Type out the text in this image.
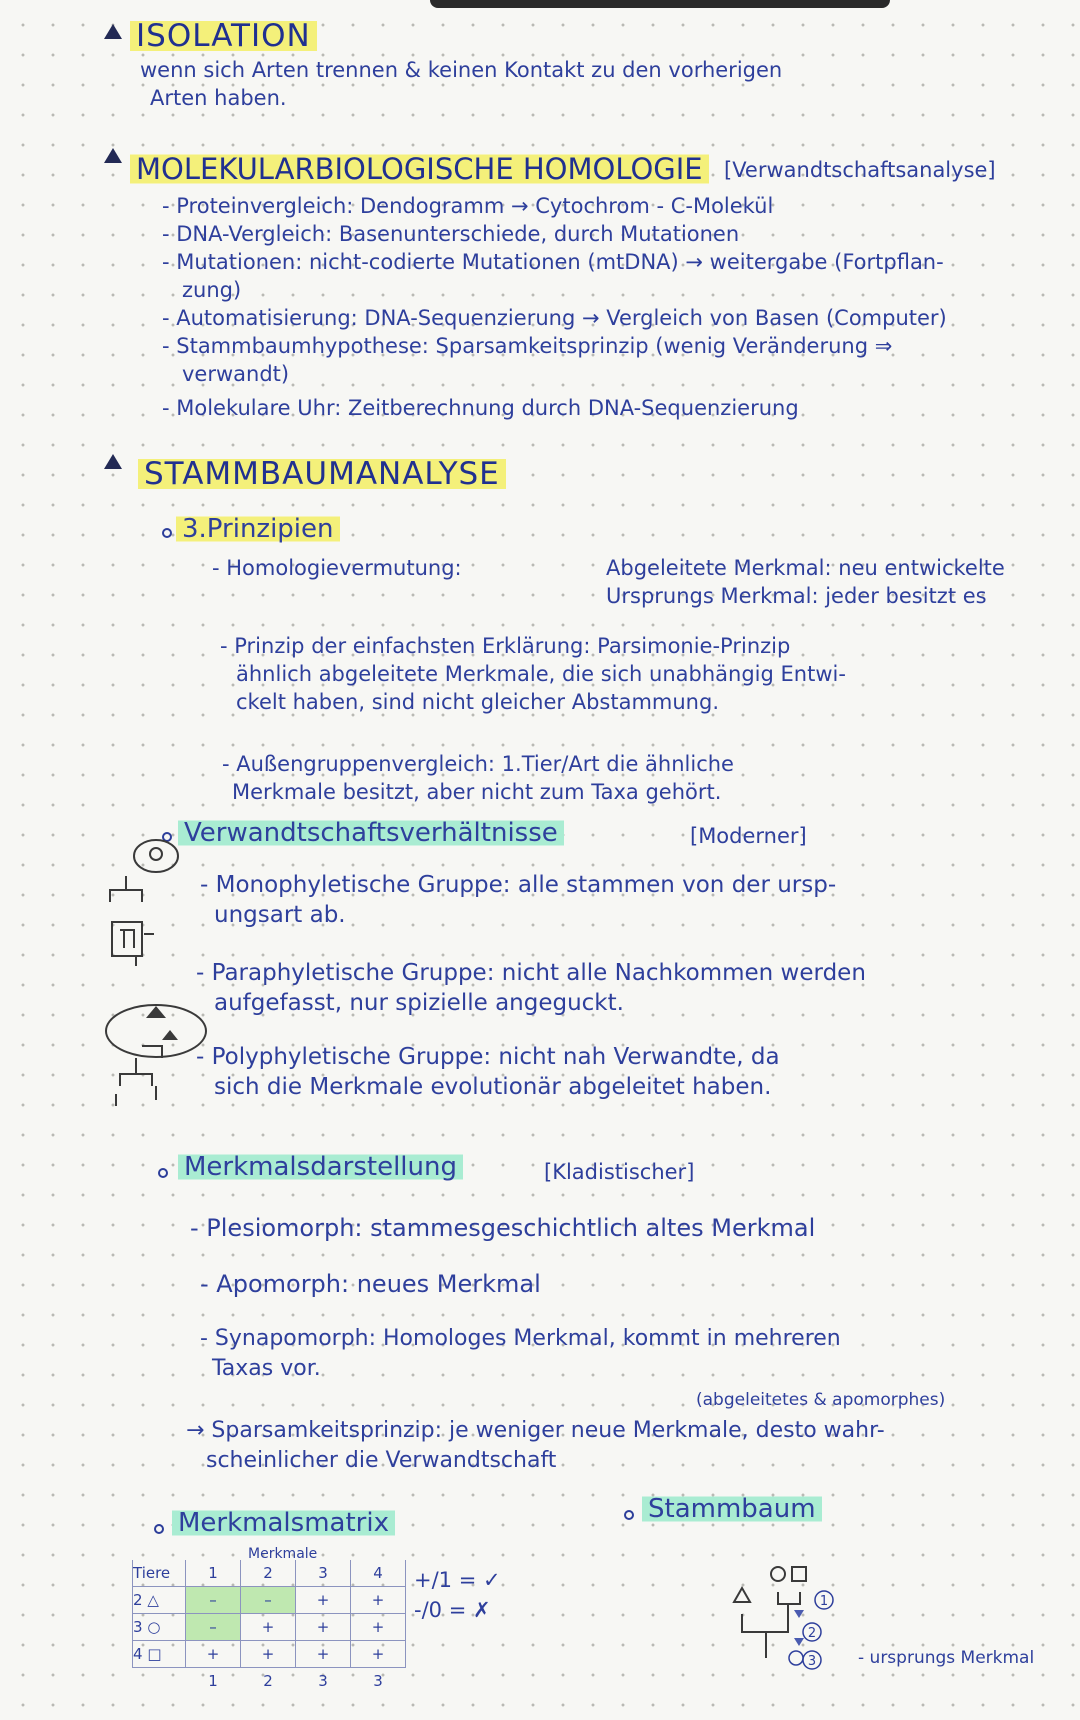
ISOLATION
wenn sich Arten trennen & keinen Kontakt zu den vorherigen
Arten haben.
MOLEKULARBIOLOGISCHE HOMOLOGIE [Verwandtschaftsanalyse]
- Proteinvergleich: Dendogramm → Cytochrom - C-Molekül
- DNA-Vergleich: Basenunterschiede, durch Mutationen
- Mutationen: nicht-codierte Mutationen (mtDNA) → weitergabe (Fortpflan-
zung)
- Automatisierung: DNA-Sequenzierung → Vergleich von Basen (Computer)
- Stammbaumhypothese: Sparsamkeitsprinzip (wenig Veränderung ⇒
verwandt)
- Molekulare Uhr: Zeitberechnung durch DNA-Sequenzierung
STAMMBAUMANALYSE
3.Prinzipien
- Homologievermutung:	Abgeleitete Merkmal: neu entwickelte
Ursprungs Merkmal: jeder besitzt es
- Prinzip der einfachsten Erklärung: Parsimonie-Prinzip
ähnlich abgeleitete Merkmale, die sich unabhängig Entwi-
ckelt haben, sind nicht gleicher Abstammung.
- Außengruppenvergleich: 1.Tier/Art die ähnliche
Merkmale besitzt, aber nicht zum Taxa gehört.
Verwandtschaftsverhältnisse	[Moderner]
- Monophyletische Gruppe: alle stammen von der ursp-
ungsart ab.
- Paraphyletische Gruppe: nicht alle Nachkommen werden
aufgefasst, nur spizielle angeguckt.
- Polyphyletische Gruppe: nicht nah Verwandte, da
sich die Merkmale evolutionär abgeleitet haben.
Merkmalsdarstellung	[Kladistischer]
- Plesiomorph: stammesgeschichtlich altes Merkmal
- Apomorph: neues Merkmal
- Synapomorph: Homologes Merkmal, kommt in mehreren
Taxas vor.
(abgeleitetes & apomorphes)
→ Sparsamkeitsprinzip: je weniger neue Merkmale, desto wahr-
scheinlicher die Verwandtschaft
Merkmalsmatrix
Merkmale
Tiere	1	2	3	4
2 △	–	–	+	+
3 ○	–	+	+	+
4 □	+	+	+	+
	1	2	3	3
+/1 = ✓
-/0 = ✗
Stammbaum
1
2
3 - ursprungs Merkmal
